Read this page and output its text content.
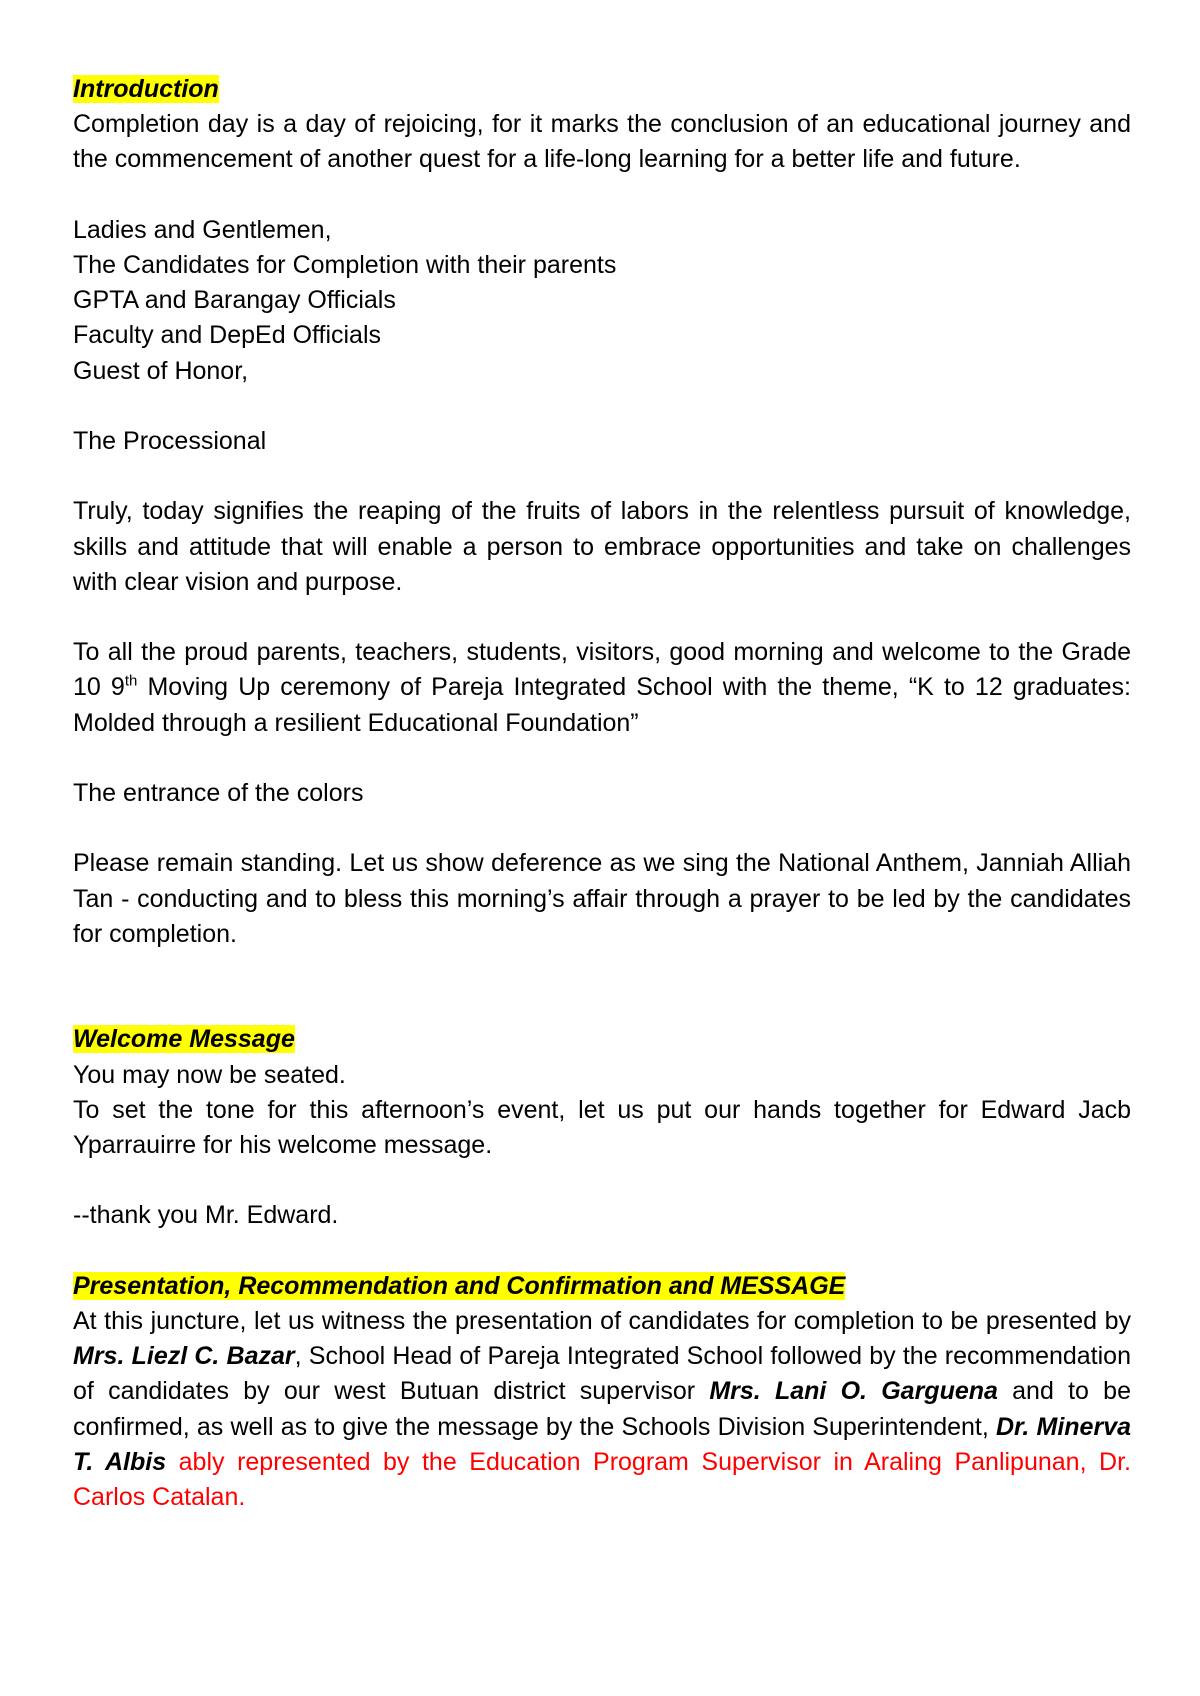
Introduction

Completion day is a day of rejoicing, for it marks the conclusion of an educational journey and the commencement of another quest for a life-long learning for a better life and future.

Ladies and Gentlemen,
The Candidates for Completion with their parents
GPTA and Barangay Officials
Faculty and DepEd Officials
Guest of Honor,

The Processional

Truly, today signifies the reaping of the fruits of labors in the relentless pursuit of knowledge, skills and attitude that will enable a person to embrace opportunities and take on challenges with clear vision and purpose.

To all the proud parents, teachers, students, visitors, good morning and welcome to the Grade 10 9th Moving Up ceremony of Pareja Integrated School with the theme, “K to 12 graduates: Molded through a resilient Educational Foundation”

The entrance of the colors

Please remain standing. Let us show deference as we sing the National Anthem, Janniah Alliah Tan - conducting and to bless this morning’s affair through a prayer to be led by the candidates for completion.

Welcome Message

You may now be seated.

To set the tone for this afternoon’s event, let us put our hands together for Edward Jacb Yparrauirre for his welcome message.

--thank you Mr. Edward.

Presentation, Recommendation and Confirmation and MESSAGE

At this juncture, let us witness the presentation of candidates for completion to be presented by Mrs. Liezl C. Bazar, School Head of Pareja Integrated School followed by the recommendation of candidates by our west Butuan district supervisor Mrs. Lani O. Garguena and to be confirmed, as well as to give the message by the Schools Division Superintendent, Dr. Minerva T. Albis ably represented by the Education Program Supervisor in Araling Panlipunan, Dr. Carlos Catalan.
